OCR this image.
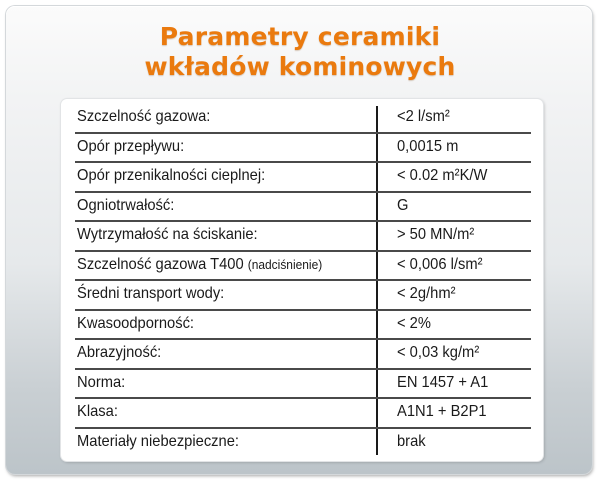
Parametry ceramiki
wkładów kominowych
Szczelność gazowa:	<2 l/sm²
Opór przepływu:	0,0015 m
Opór przenikalności cieplnej:	< 0.02 m²K/W
Ogniotrwałość:	G
Wytrzymałość na ściskanie:	> 50 MN/m²
Szczelność gazowa T400 (nadciśnienie)	< 0,006 l/sm²
Średni transport wody:	< 2g/hm²
Kwasoodporność:	< 2%
Abrazyjność:	< 0,03 kg/m²
Norma:	EN 1457 + A1
Klasa:	A1N1 + B2P1
Materiały niebezpieczne:	brak
